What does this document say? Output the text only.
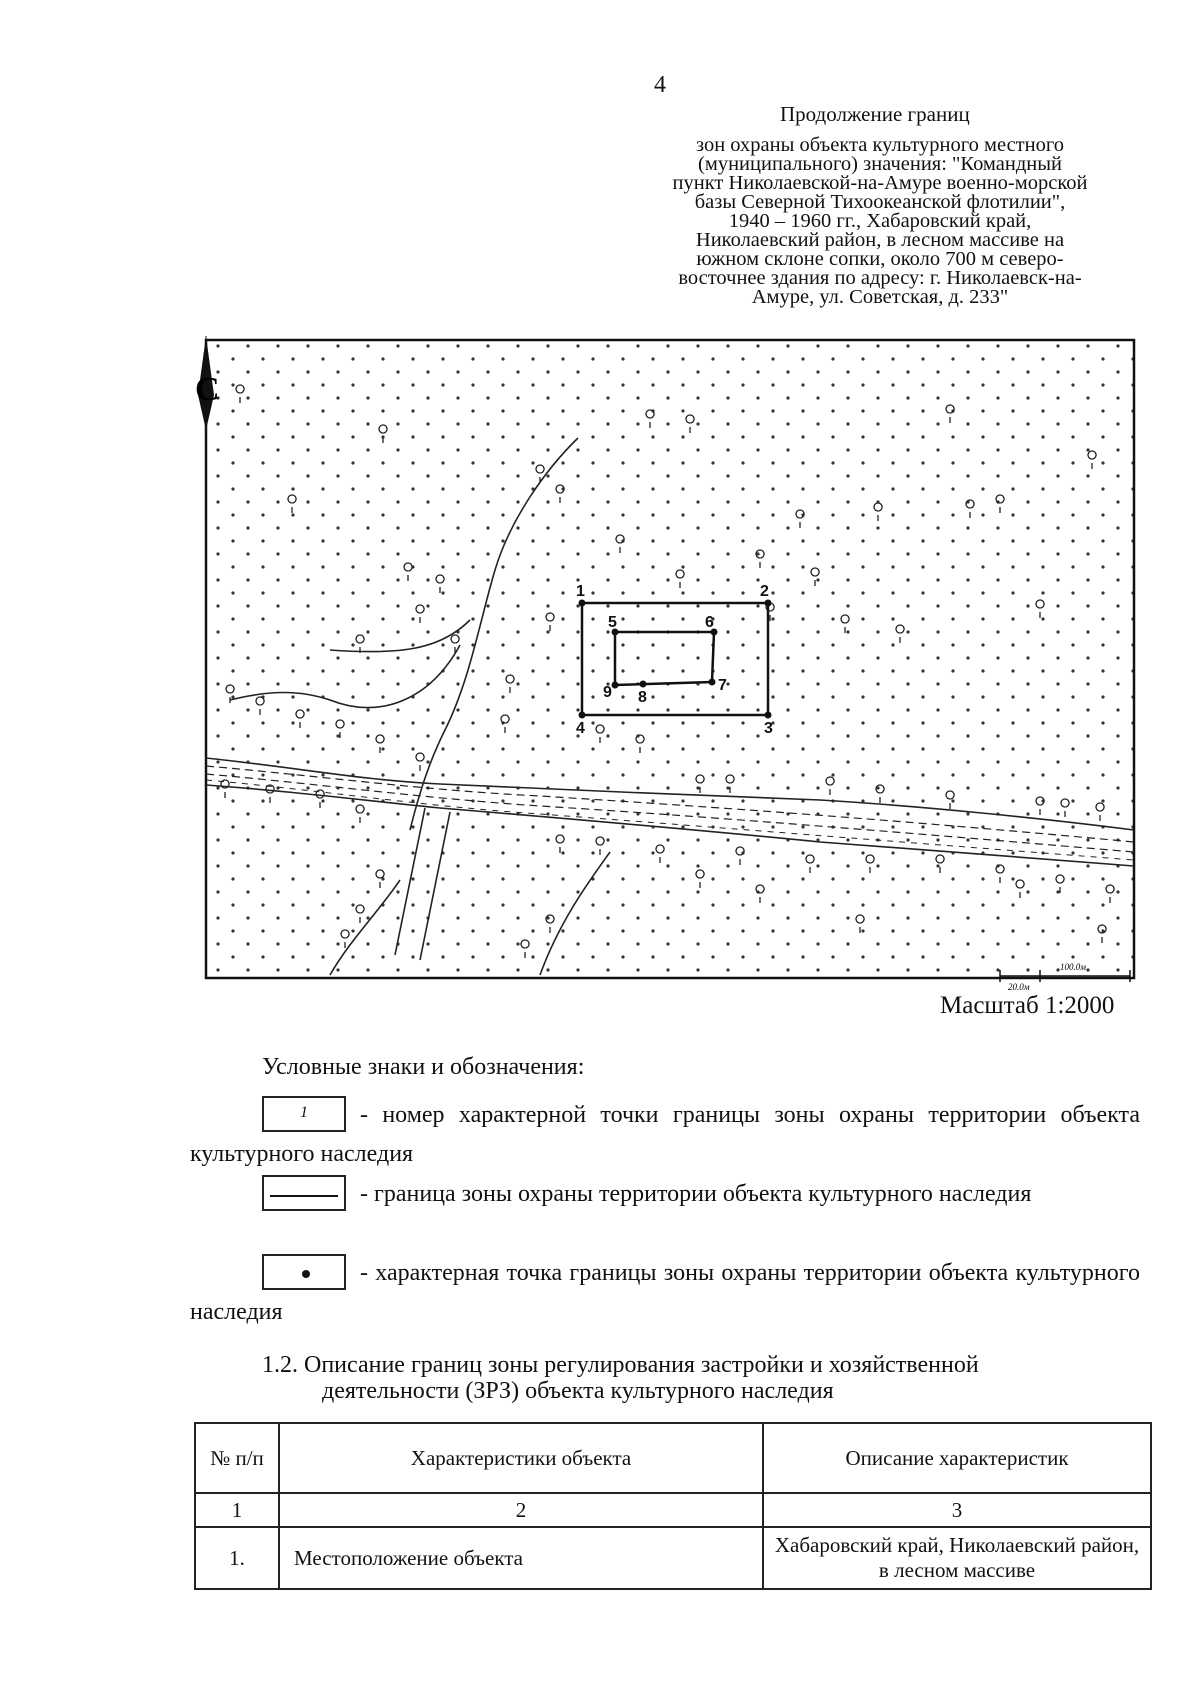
4
Продолжение границ
зон охраны объекта культурного местного
(муниципального) значения: "Командный
пункт Николаевской-на-Амуре военно-морской
базы Северной Тихоокеанской флотилии",
1940 – 1960 гг., Хабаровский край,
Николаевский район, в лесном массиве на
южном склоне сопки, около 700 м северо-
восточнее здания по адресу: г. Николаевск-на-
Амуре, ул. Советская, д. 233"
С
1	2
3
4
5	6
7
8
9
20.0м
100.0м
Масштаб 1:2000
Условные знаки и обозначения:
1	- номер характерной точки границы зоны охраны территории объекта культурного наследия
- граница зоны охраны территории объекта культурного наследия
- характерная точка границы зоны охраны территории объекта культурного наследия
1.2. Описание границ зоны регулирования застройки и хозяйственной
деятельности (ЗРЗ) объекта культурного наследия
№ п/п	Характеристики объекта	Описание характеристик
1	2	3
1.	Местоположение объекта	Хабаровский край, Николаевский район, в лесном массиве
